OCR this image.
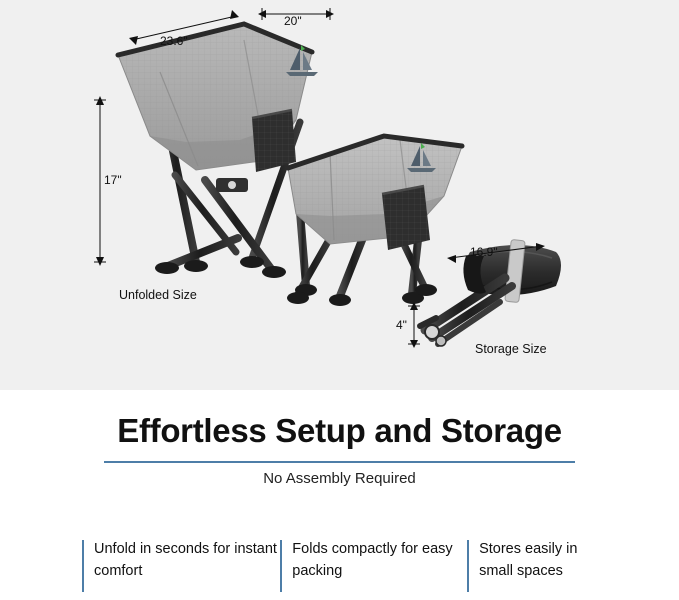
20"
23.6"
17"
16.9"
4"
Unfolded Size
Storage Size
Effortless Setup and Storage
No Assembly Required
Unfold in seconds for instant comfort
Folds compactly for easy packing
Stores easily in small spaces
